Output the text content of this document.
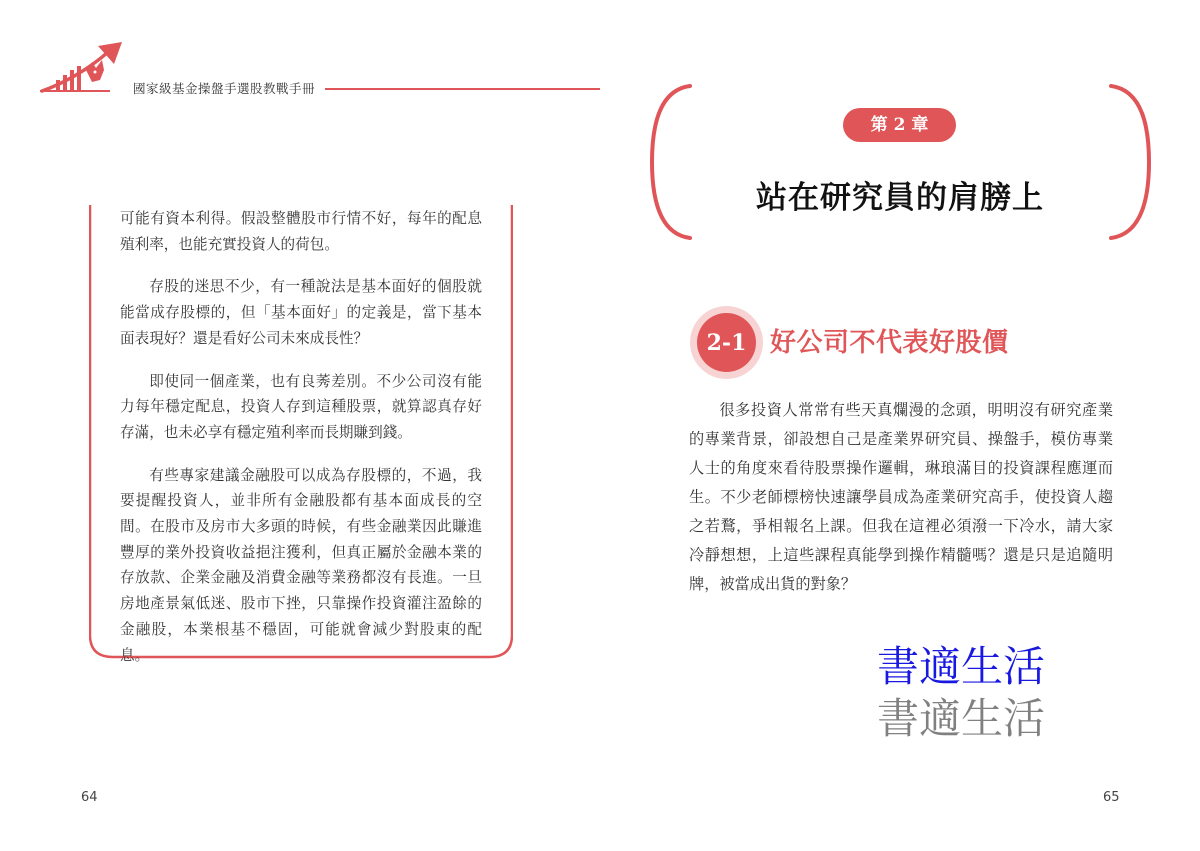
國家級基金操盤手選股教戰手冊

可能有資本利得。假設整體股市行情不好，每年的配息殖利率，也能充實投資人的荷包。

存股的迷思不少，有一種說法是基本面好的個股就能當成存股標的，但「基本面好」的定義是，當下基本面表現好？還是看好公司未來成長性？

即使同一個產業，也有良莠差別。不少公司沒有能力每年穩定配息，投資人存到這種股票，就算認真存好存滿，也未必享有穩定殖利率而長期賺到錢。

有些專家建議金融股可以成為存股標的，不過，我要提醒投資人，並非所有金融股都有基本面成長的空間。在股市及房市大多頭的時候，有些金融業因此賺進豐厚的業外投資收益挹注獲利，但真正屬於金融本業的存放款、企業金融及消費金融等業務都沒有長進。一旦房地產景氣低迷、股市下挫，只靠操作投資灌注盈餘的金融股，本業根基不穩固，可能就會減少對股東的配息。

第 2 章
站在研究員的肩膀上
2-1 好公司不代表好股價

很多投資人常常有些天真爛漫的念頭，明明沒有研究產業的專業背景，卻設想自己是產業界研究員、操盤手，模仿專業人士的角度來看待股票操作邏輯，琳琅滿目的投資課程應運而生。不少老師標榜快速讓學員成為產業研究高手，使投資人趨之若鶩，爭相報名上課。但我在這裡必須潑一下冷水，請大家冷靜想想，上這些課程真能學到操作精髓嗎？還是只是追隨明牌，被當成出貨的對象？

書適生活
書適生活
64	65
